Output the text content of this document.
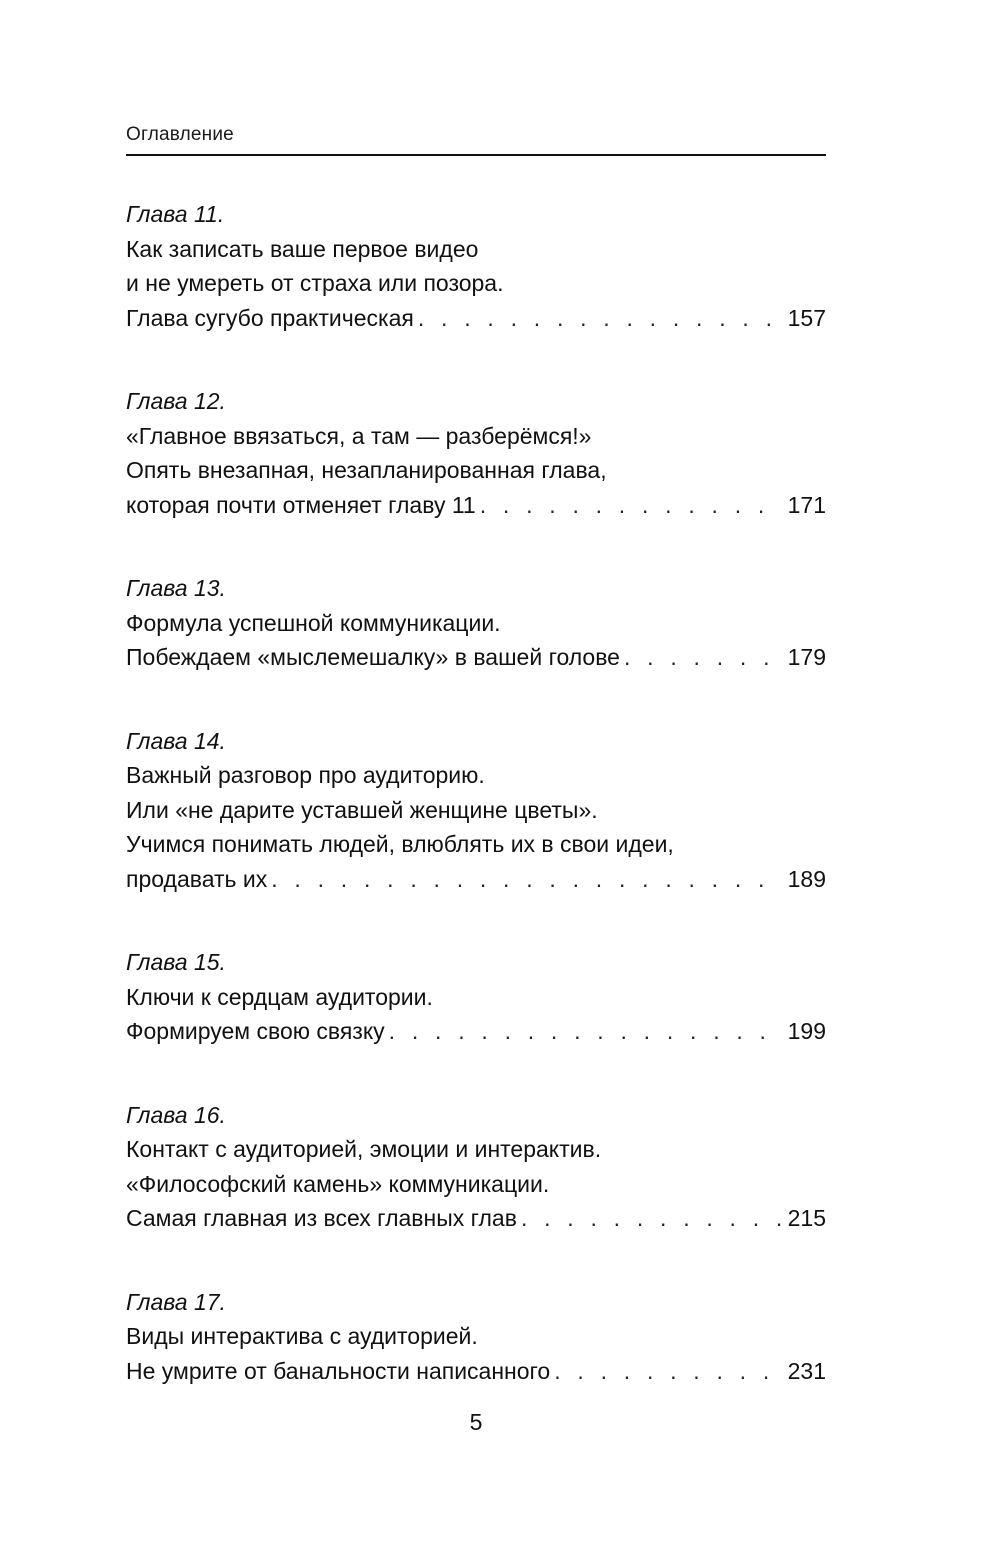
Оглавление
Глава 11.
Как записать ваше первое видео
и не умереть от страха или позора.
Глава сугубо практическая . . .	157
Глава 12.
«Главное ввязаться, а там — разберёмся!»
Опять внезапная, незапланированная глава,
которая почти отменяет главу 11 . . .	171
Глава 13.
Формула успешной коммуникации.
Побеждаем «мыслемешалку» в вашей голове . . .	179
Глава 14.
Важный разговор про аудиторию.
Или «не дарите уставшей женщине цветы».
Учимся понимать людей, влюблять их в свои идеи,
продавать их . . .	189
Глава 15.
Ключи к сердцам аудитории.
Формируем свою связку . . .	199
Глава 16.
Контакт с аудиторией, эмоции и интерактив.
«Философский камень» коммуникации.
Самая главная из всех главных глав . . .	215
Глава 17.
Виды интерактива с аудиторией.
Не умрите от банальности написанного . . .	231
5
